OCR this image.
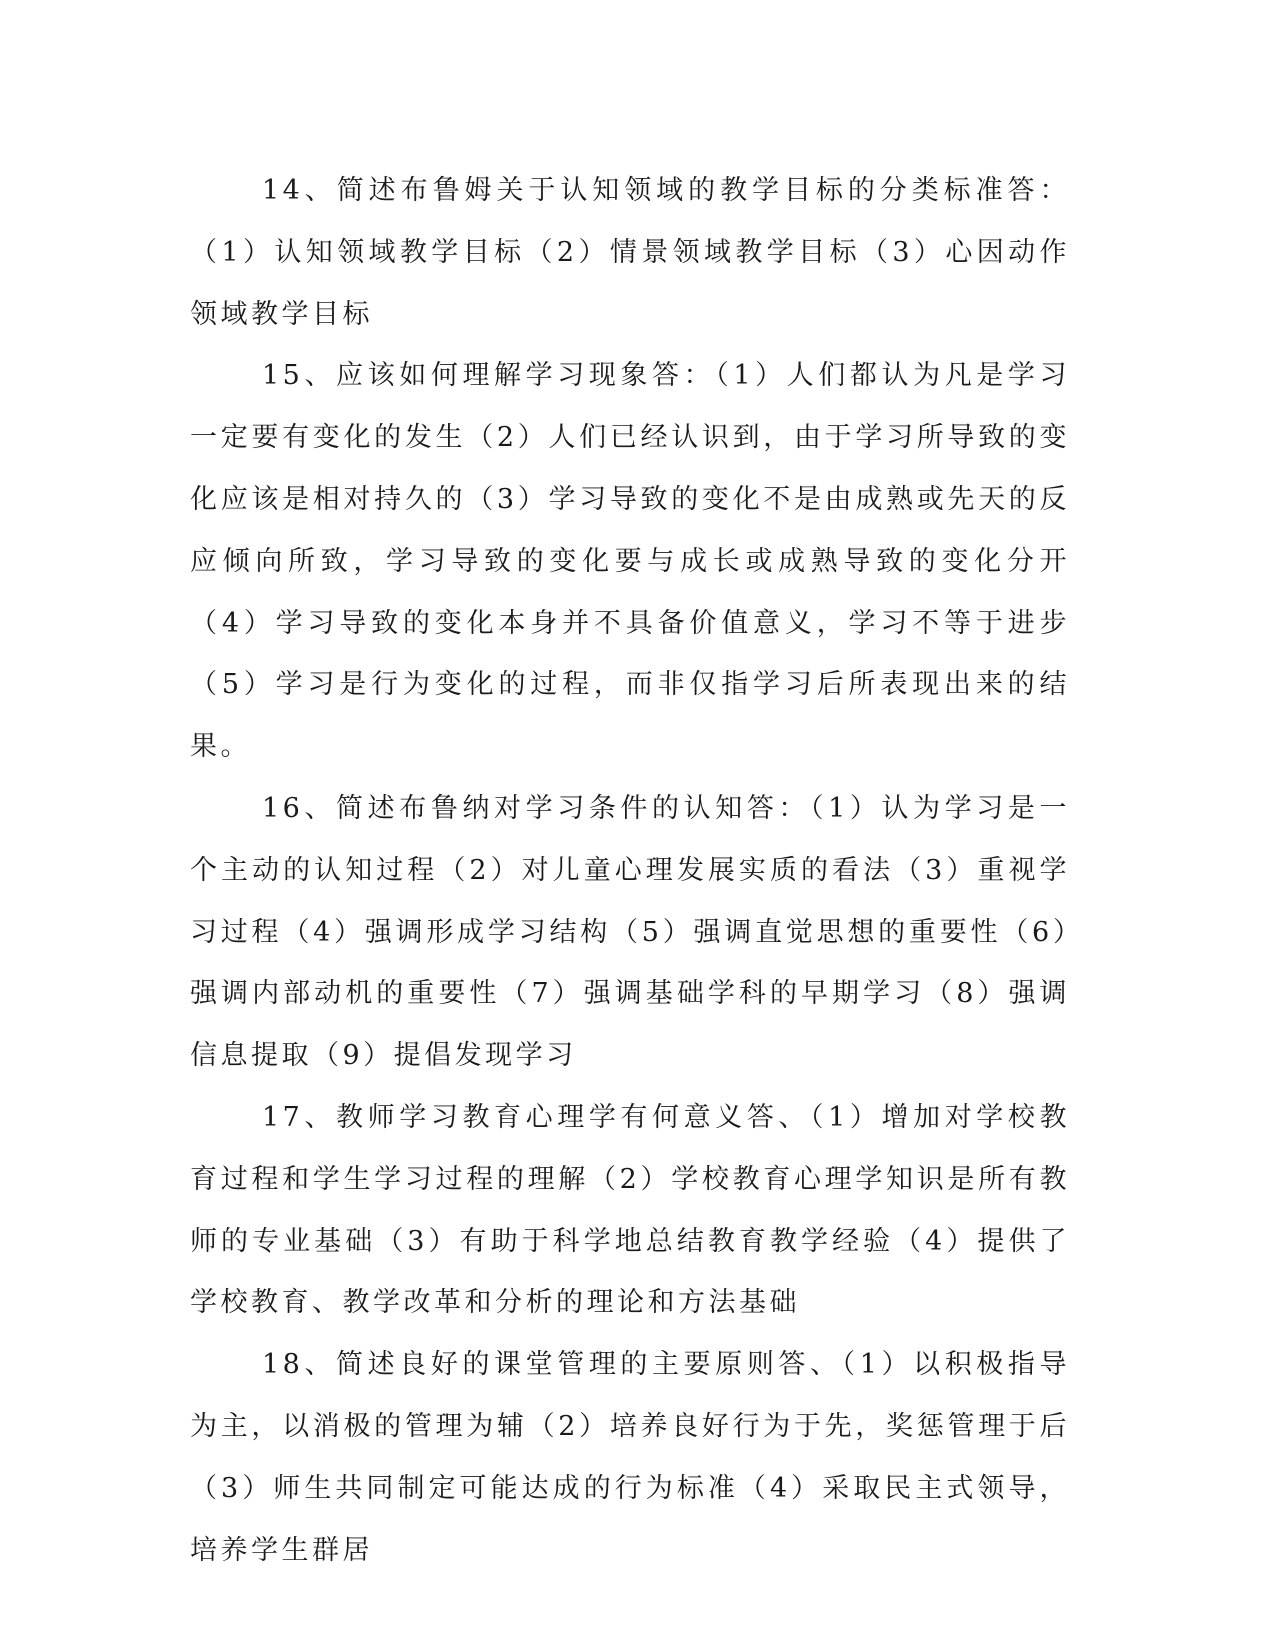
14、简述布鲁姆关于认知领域的教学目标的分类标准答：（1）认知领域教学目标（2）情景领域教学目标（3）心因动作领域教学目标

15、应该如何理解学习现象答：（1）人们都认为凡是学习一定要有变化的发生（2）人们已经认识到，由于学习所导致的变化应该是相对持久的（3）学习导致的变化不是由成熟或先天的反应倾向所致，学习导致的变化要与成长或成熟导致的变化分开（4）学习导致的变化本身并不具备价值意义，学习不等于进步（5）学习是行为变化的过程，而非仅指学习后所表现出来的结果。

16、简述布鲁纳对学习条件的认知答：（1）认为学习是一个主动的认知过程（2）对儿童心理发展实质的看法（3）重视学习过程（4）强调形成学习结构（5）强调直觉思想的重要性（6）强调内部动机的重要性（7）强调基础学科的早期学习（8）强调信息提取（9）提倡发现学习

17、教师学习教育心理学有何意义答、（1）增加对学校教育过程和学生学习过程的理解（2）学校教育心理学知识是所有教师的专业基础（3）有助于科学地总结教育教学经验（4）提供了学校教育、教学改革和分析的理论和方法基础

18、简述良好的课堂管理的主要原则答、（1）以积极指导为主，以消极的管理为辅（2）培养良好行为于先，奖惩管理于后（3）师生共同制定可能达成的行为标准（4）采取民主式领导，培养学生群居
